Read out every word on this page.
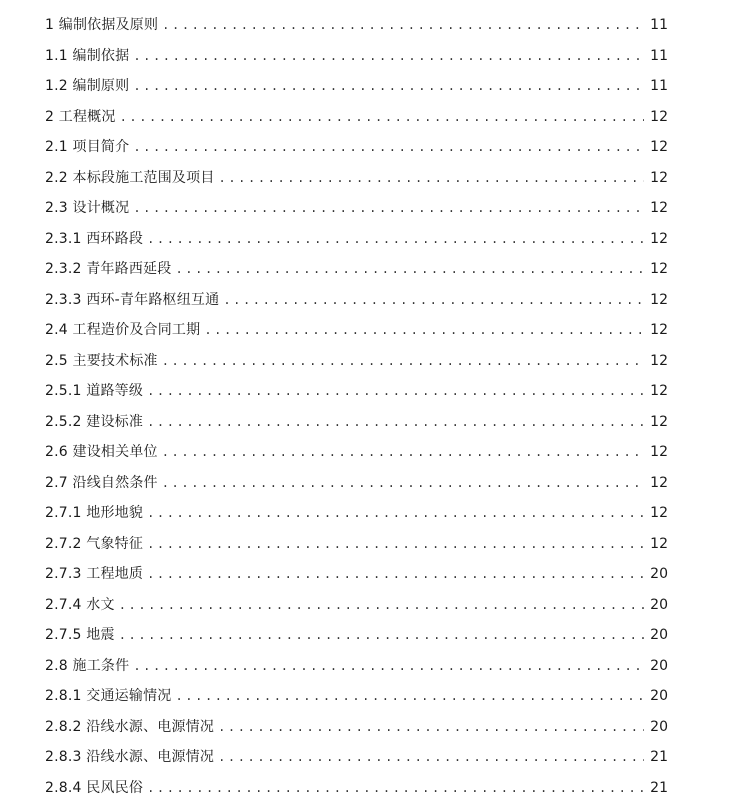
1 编制依据及原则 .....	11
1.1 编制依据 .....	11
1.2 编制原则 .....	11
2 工程概况 .....	12
2.1 项目简介 .....	12
2.2 本标段施工范围及项目 .....	12
2.3 设计概况 .....	12
2.3.1 西环路段 .....	12
2.3.2 青年路西延段 .....	12
2.3.3 西环-青年路枢纽互通 .....	12
2.4 工程造价及合同工期 .....	12
2.5 主要技术标准 .....	12
2.5.1 道路等级 .....	12
2.5.2 建设标准 .....	12
2.6 建设相关单位 .....	12
2.7 沿线自然条件 .....	12
2.7.1 地形地貌 .....	12
2.7.2 气象特征 .....	12
2.7.3 工程地质 .....	20
2.7.4 水文 .....	20
2.7.5 地震 .....	20
2.8 施工条件 .....	20
2.8.1 交通运输情况 .....	20
2.8.2 沿线水源、电源情况 .....	20
2.8.3 沿线水源、电源情况 .....	21
2.8.4 民风民俗 .....	21
